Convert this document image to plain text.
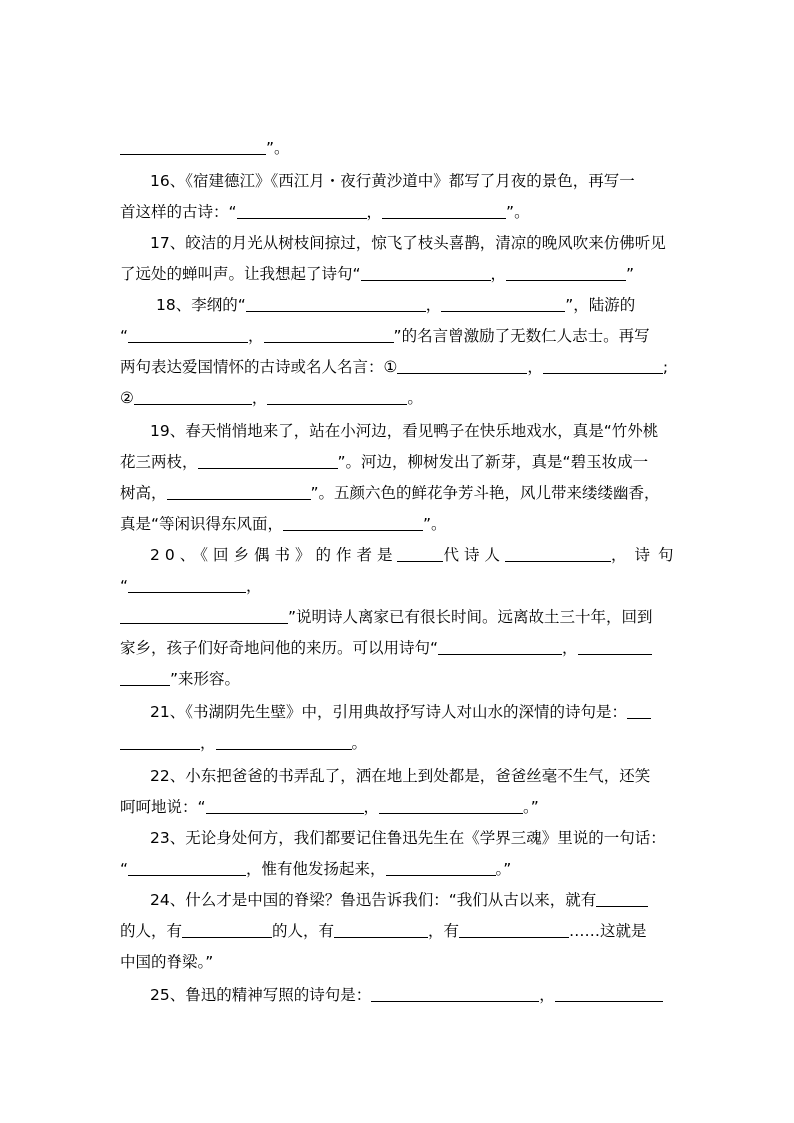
”。
16、《宿建德江》《西江月・夜行黄沙道中》都写了月夜的景色，再写一
首这样的古诗：“	，	”。
17、皎洁的月光从树枝间掠过，惊飞了枝头喜鹊，清凉的晚风吹来仿佛听见
了远处的蝉叫声。让我想起了诗句“	，	”
18、李纲的“	，	”，陆游的
“	，	”的名言曾激励了无数仁人志士。再写
两句表达爱国情怀的古诗或名人名言：①	，	;
②	，	。
19、春天悄悄地来了，站在小河边，看见鸭子在快乐地戏水，真是“竹外桃
花三两枝，	”。河边，柳树发出了新芽，真是“碧玉妆成一
树高，	”。五颜六色的鲜花争芳斗艳，风儿带来缕缕幽香，
真是“等闲识得东风面，	”。
20、《回乡偶书》的作者是	代诗人	，诗句
“	，
”说明诗人离家已有很长时间。远离故土三十年，回到
家乡，孩子们好奇地问他的来历。可以用诗句“	，
”来形容。
21、《书湖阴先生壁》中，引用典故抒写诗人对山水的深情的诗句是：
，	。
22、小东把爸爸的书弄乱了，洒在地上到处都是，爸爸丝毫不生气，还笑
呵呵地说：“	，	。”
23、无论身处何方，我们都要记住鲁迅先生在《学界三魂》里说的一句话：
“	，惟有他发扬起来，	。”
24、什么才是中国的脊梁？鲁迅告诉我们：“我们从古以来，就有
的人，有	的人，有	，有	……这就是
中国的脊梁。”
25、鲁迅的精神写照的诗句是：	，
